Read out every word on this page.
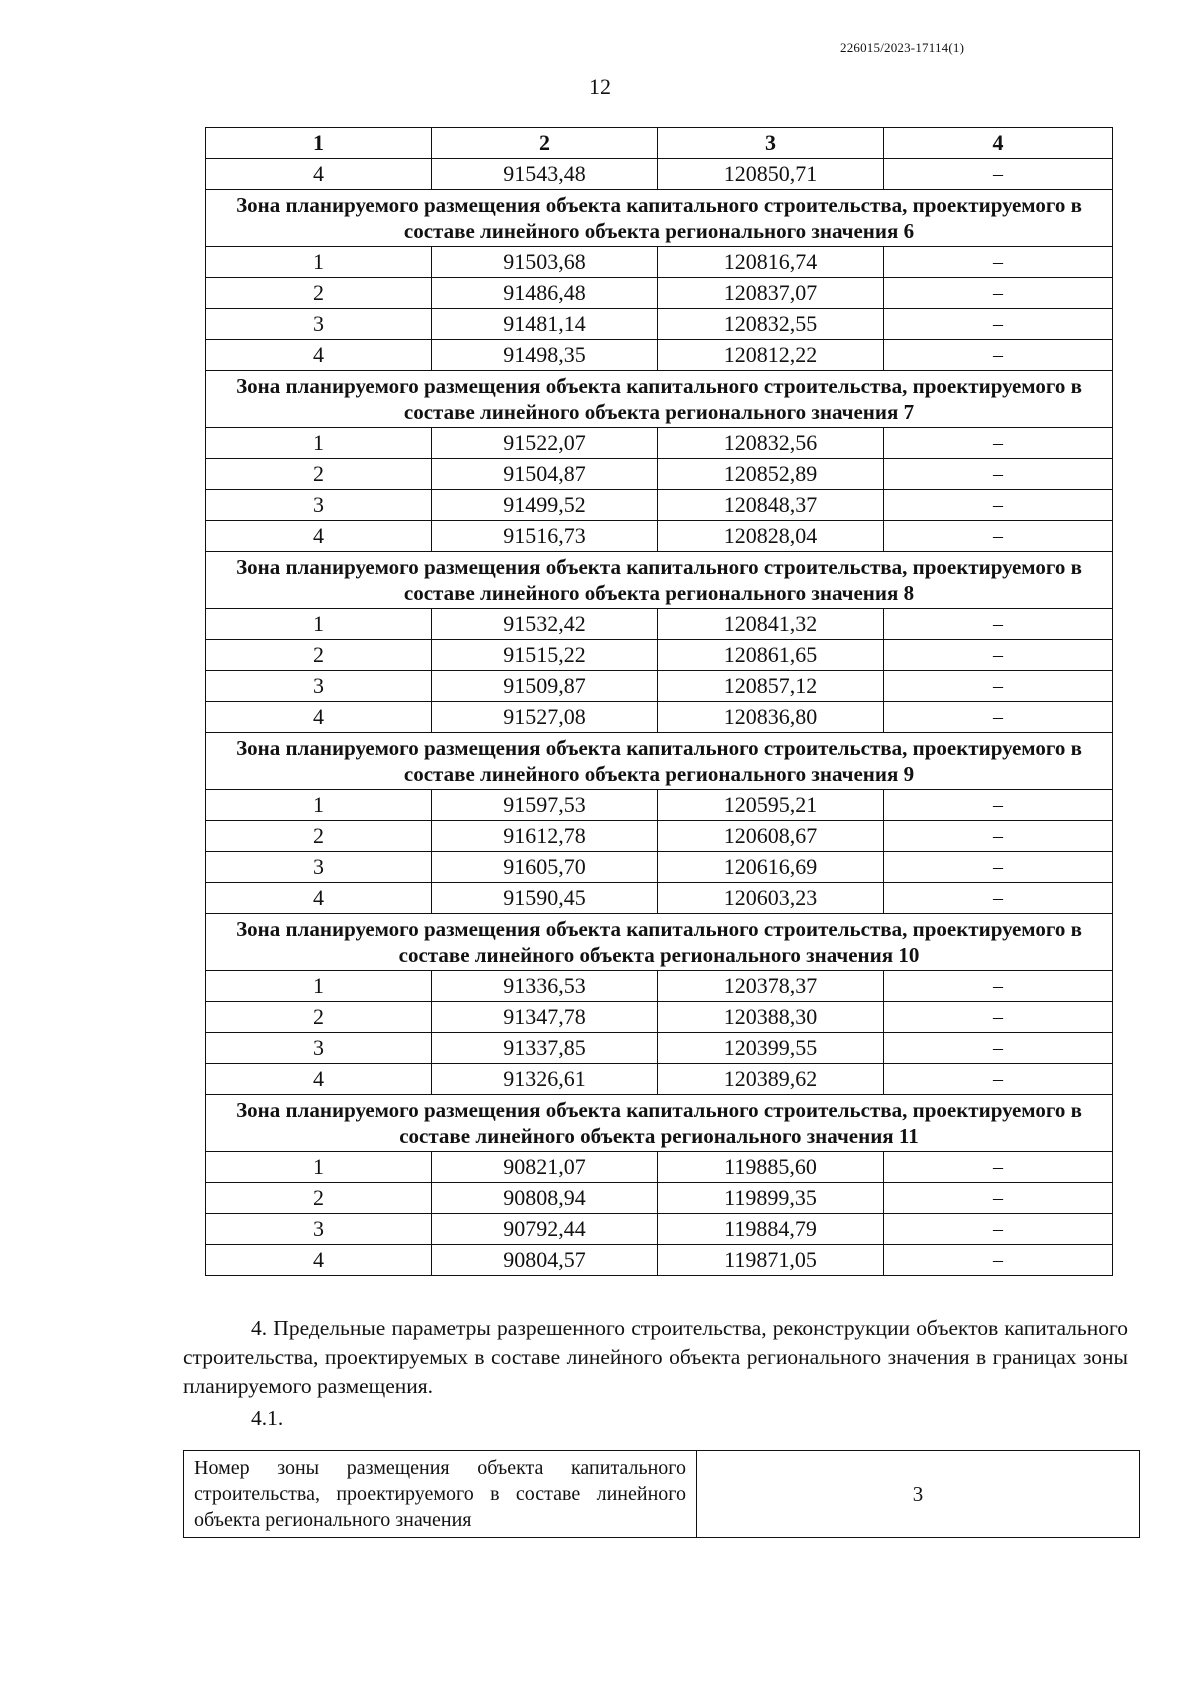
226015/2023-17114(1)
12
1	2	3	4
4	91543,48	120850,71	–
Зона планируемого размещения объекта капитального строительства, проектируемого в составе линейного объекта регионального значения 6			
1	91503,68	120816,74	–
2	91486,48	120837,07	–
3	91481,14	120832,55	–
4	91498,35	120812,22	–
Зона планируемого размещения объекта капитального строительства, проектируемого в составе линейного объекта регионального значения 7			
1	91522,07	120832,56	–
2	91504,87	120852,89	–
3	91499,52	120848,37	–
4	91516,73	120828,04	–
Зона планируемого размещения объекта капитального строительства, проектируемого в составе линейного объекта регионального значения 8			
1	91532,42	120841,32	–
2	91515,22	120861,65	–
3	91509,87	120857,12	–
4	91527,08	120836,80	–
Зона планируемого размещения объекта капитального строительства, проектируемого в составе линейного объекта регионального значения 9			
1	91597,53	120595,21	–
2	91612,78	120608,67	–
3	91605,70	120616,69	–
4	91590,45	120603,23	–
Зона планируемого размещения объекта капитального строительства, проектируемого в составе линейного объекта регионального значения 10			
1	91336,53	120378,37	–
2	91347,78	120388,30	–
3	91337,85	120399,55	–
4	91326,61	120389,62	–
Зона планируемого размещения объекта капитального строительства, проектируемого в составе линейного объекта регионального значения 11			
1	90821,07	119885,60	–
2	90808,94	119899,35	–
3	90792,44	119884,79	–
4	90804,57	119871,05	–
4. Предельные параметры разрешенного строительства, реконструкции объектов капитального строительства, проектируемых в составе линейного объекта регионального значения в границах зоны планируемого размещения.
4.1.
Номер зоны размещения объекта капитального строительства, проектируемого в составе линейного объекта регионального значения	3
